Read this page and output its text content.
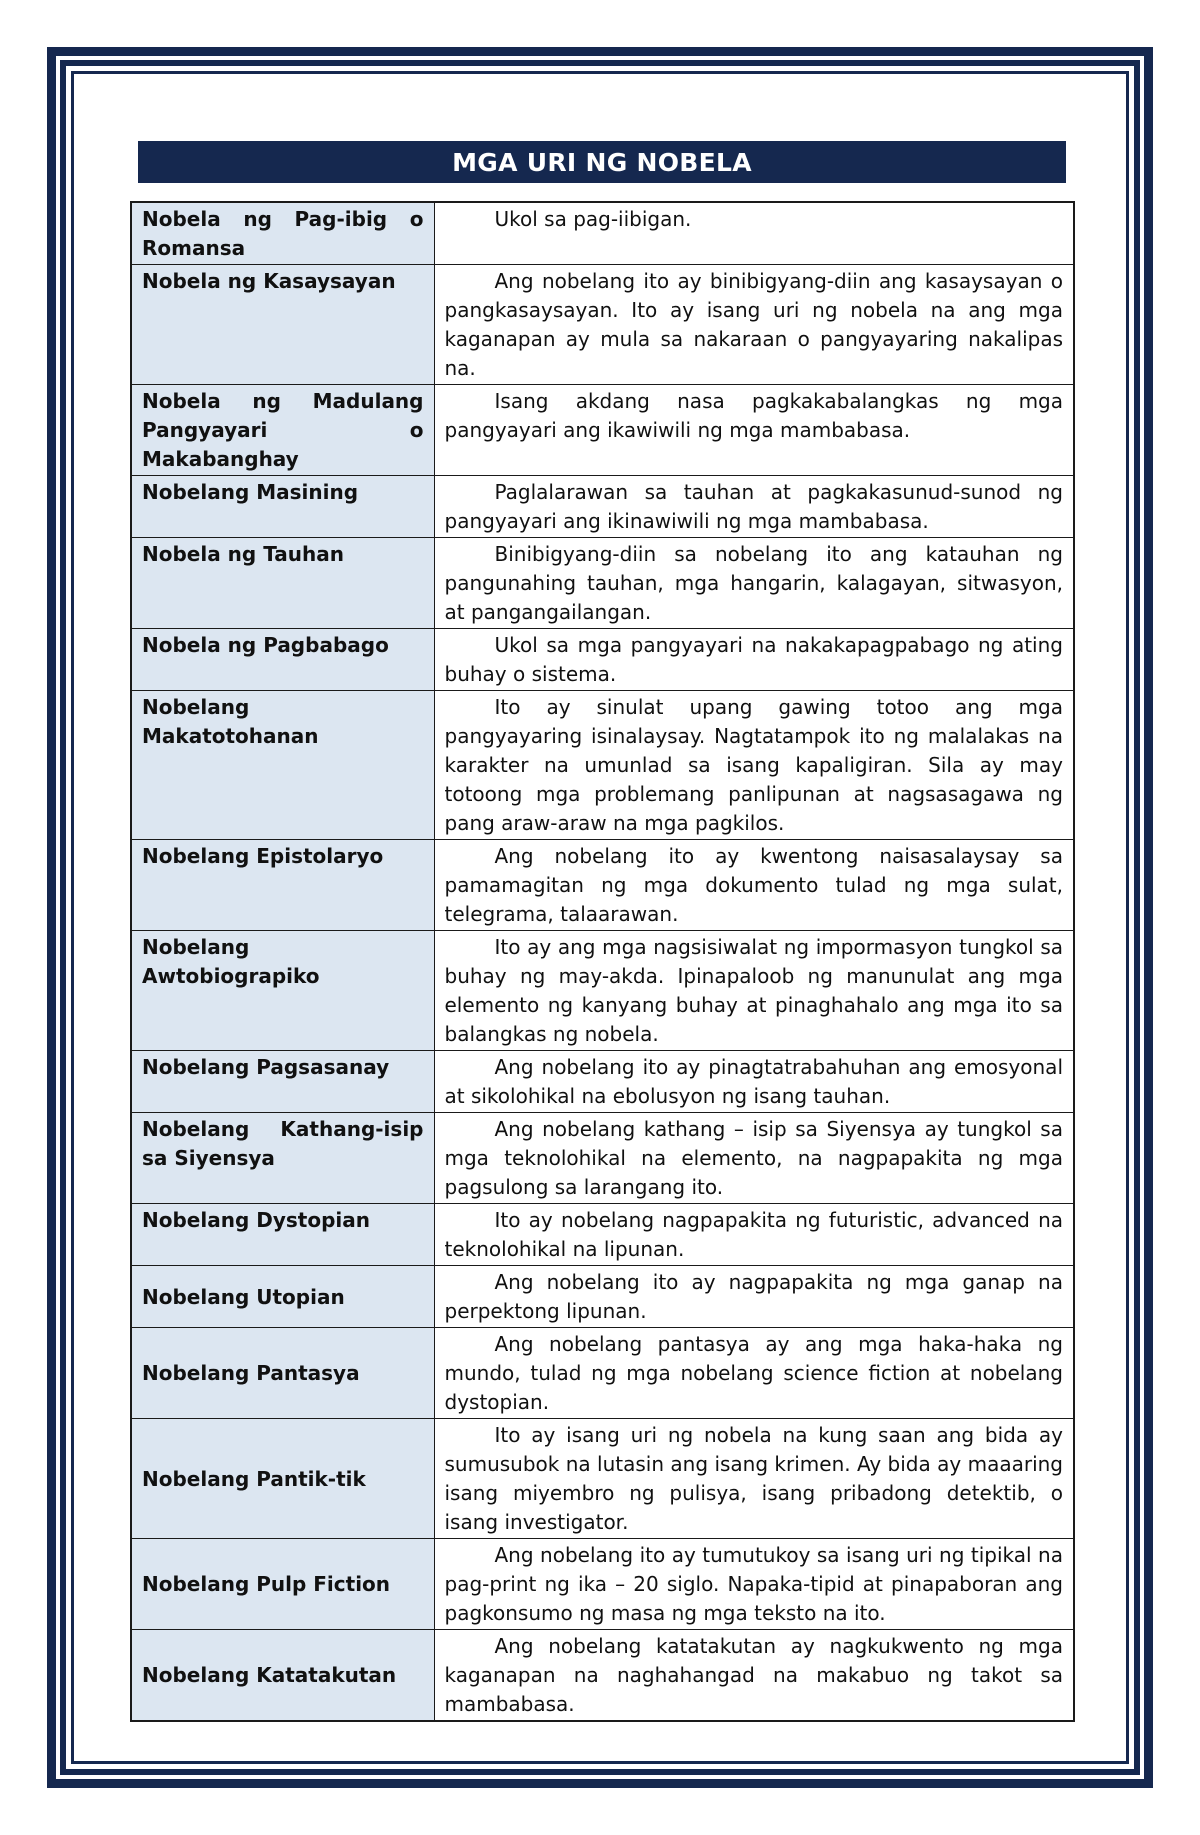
MGA URI NG NOBELA
Nobela ng Pag-ibig o Romansa	Ukol sa pag-iibigan.
Nobela ng Kasaysayan	Ang nobelang ito ay binibigyang-diin ang kasaysayan o pangkasaysayan. Ito ay isang uri ng nobela na ang mga kaganapan ay mula sa nakaraan o pangyayaring nakalipas na.
Nobela ng Madulang Pangyayari o Makabanghay	Isang akdang nasa pagkakabalangkas ng mga pangyayari ang ikawiwili ng mga mambabasa.
Nobelang Masining	Paglalarawan sa tauhan at pagkakasunud-sunod ng pangyayari ang ikinawiwili ng mga mambabasa.
Nobela ng Tauhan	Binibigyang-diin sa nobelang ito ang katauhan ng pangunahing tauhan, mga hangarin, kalagayan, sitwasyon, at pangangailangan.
Nobela ng Pagbabago	Ukol sa mga pangyayari na nakakapagpabago ng ating buhay o sistema.
Nobelang Makatotohanan	Ito ay sinulat upang gawing totoo ang mga pangyayaring isinalaysay. Nagtatampok ito ng malalakas na karakter na umunlad sa isang kapaligiran. Sila ay may totoong mga problemang panlipunan at nagsasagawa ng pang araw-araw na mga pagkilos.
Nobelang Epistolaryo	Ang nobelang ito ay kwentong naisasalaysay sa pamamagitan ng mga dokumento tulad ng mga sulat, telegrama, talaarawan.
Nobelang Awtobiograpiko	Ito ay ang mga nagsisiwalat ng impormasyon tungkol sa buhay ng may-akda. Ipinapaloob ng manunulat ang mga elemento ng kanyang buhay at pinaghahalo ang mga ito sa balangkas ng nobela.
Nobelang Pagsasanay	Ang nobelang ito ay pinagtatrabahuhan ang emosyonal at sikolohikal na ebolusyon ng isang tauhan.
Nobelang Kathang-isip sa Siyensya	Ang nobelang kathang – isip sa Siyensya ay tungkol sa mga teknolohikal na elemento, na nagpapakita ng mga pagsulong sa larangang ito.
Nobelang Dystopian	Ito ay nobelang nagpapakita ng futuristic, advanced na teknolohikal na lipunan.
Nobelang Utopian	Ang nobelang ito ay nagpapakita ng mga ganap na perpektong lipunan.
Nobelang Pantasya	Ang nobelang pantasya ay ang mga haka-haka ng mundo, tulad ng mga nobelang science fiction at nobelang dystopian.
Nobelang Pantik-tik	Ito ay isang uri ng nobela na kung saan ang bida ay sumusubok na lutasin ang isang krimen. Ay bida ay maaaring isang miyembro ng pulisya, isang pribadong detektib, o isang investigator.
Nobelang Pulp Fiction	Ang nobelang ito ay tumutukoy sa isang uri ng tipikal na pag-print ng ika – 20 siglo. Napaka-tipid at pinapaboran ang pagkonsumo ng masa ng mga teksto na ito.
Nobelang Katatakutan	Ang nobelang katatakutan ay nagkukwento ng mga kaganapan na naghahangad na makabuo ng takot sa mambabasa.
